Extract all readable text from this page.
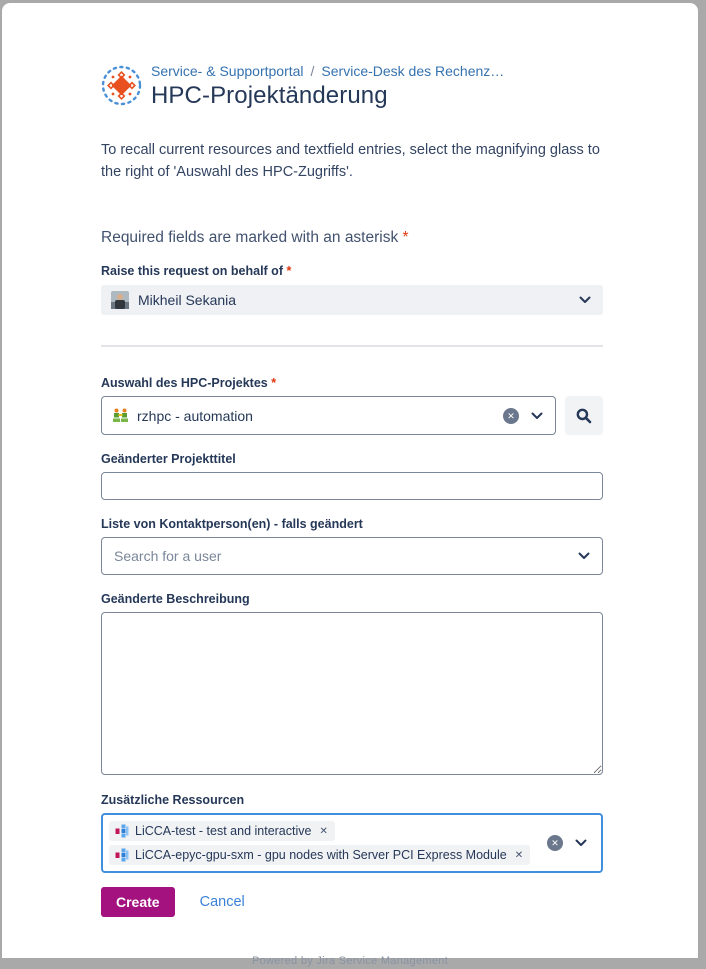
Service- & Supportportal / Service-Desk des Rechenz…
HPC-Projektänderung
To recall current resources and textfield entries, select the magnifying glass to the right of 'Auswahl des HPC-Zugriffs'.
Required fields are marked with an asterisk *
Raise this request on behalf of *
Mikheil Sekania
Auswahl des HPC-Projektes *
rzhpc - automation	✕
Geänderter Projekttitel
Liste von Kontaktperson(en) - falls geändert
Search for a user
Geänderte Beschreibung
Zusätzliche Ressourcen
LiCCA-test - test and interactive ✕

LiCCA-epyc-gpu-sxm - gpu nodes with Server PCI Express Module ✕
✕
Create	Cancel
Powered by Jira Service Management
